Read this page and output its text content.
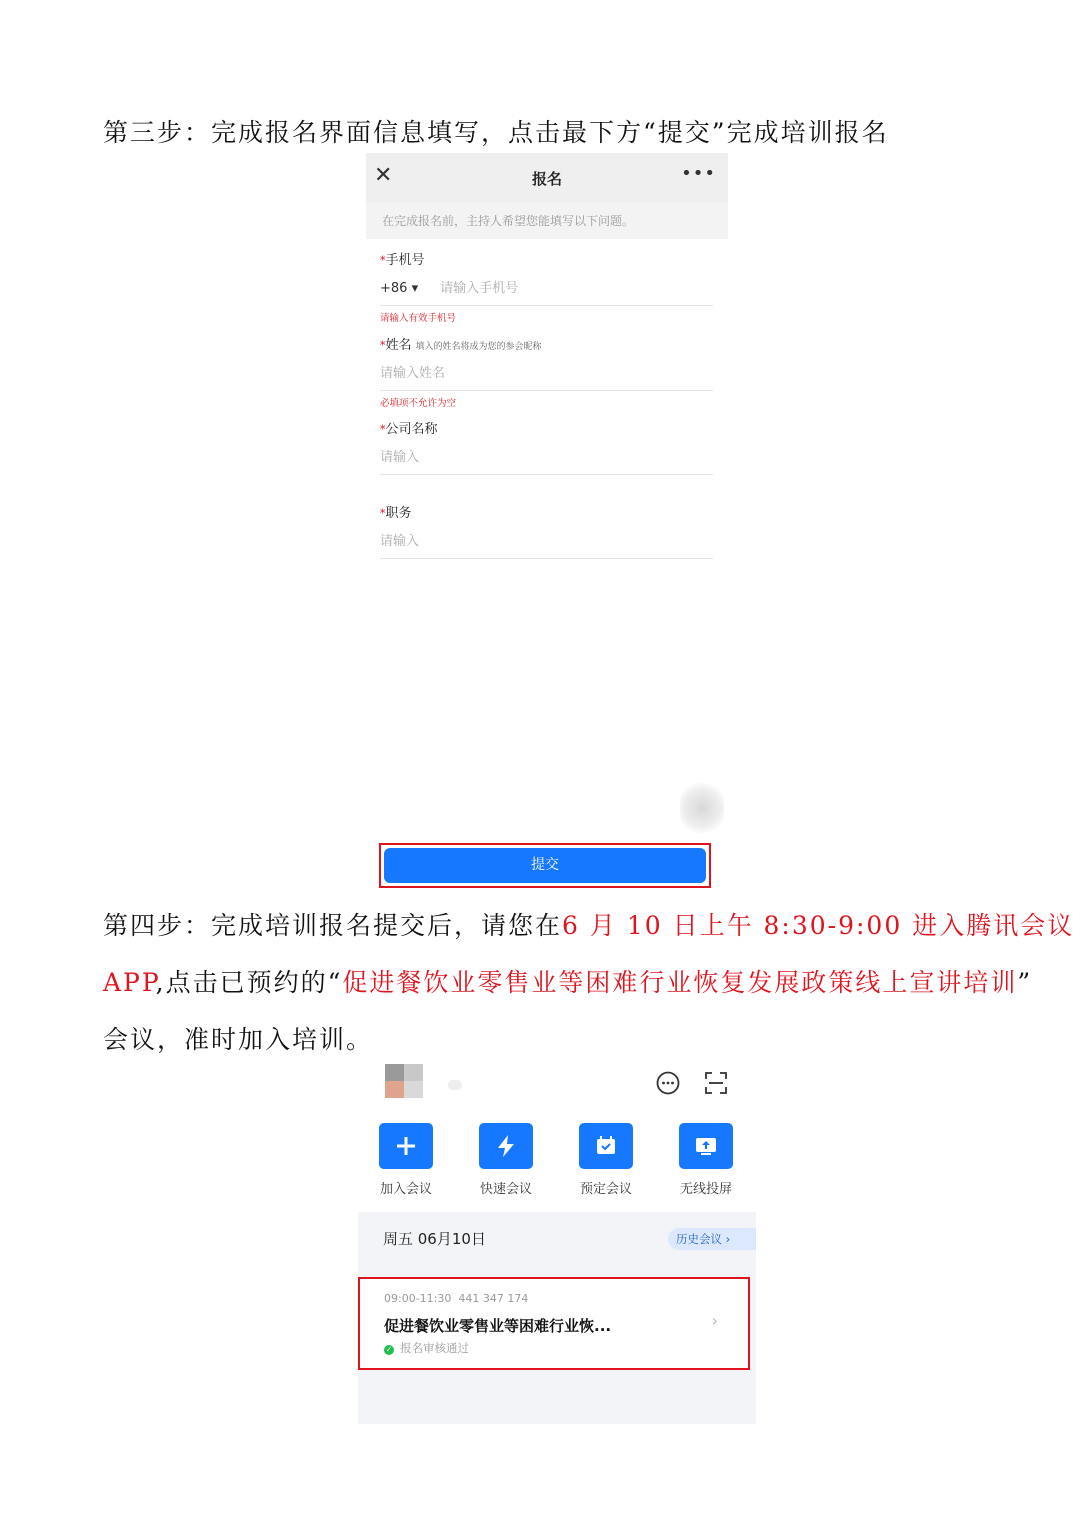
第三步：完成报名界面信息填写，点击最下方“提交”完成培训报名
✕	报名	•••
在完成报名前，主持人希望您能填写以下问题。
*手机号
+86 ▾ 请输入手机号
请输入有效手机号
*姓名 填入的姓名将成为您的参会昵称
请输入姓名
必填项不允许为空
*公司名称
请输入
*职务
请输入
提交
第四步：完成培训报名提交后，请您在6 月 10 日上午 8:30-9:00 进入腾讯会议
APP,点击已预约的“促进餐饮业零售业等困难行业恢复发展政策线上宣讲培训”
会议，准时加入培训。
加入会议	快速会议	预定会议	无线投屏
周五 06月10日	历史会议 ›
09:00-11:30 441 347 174
促进餐饮业零售业等困难行业恢...
✓ 报名审核通过
›
